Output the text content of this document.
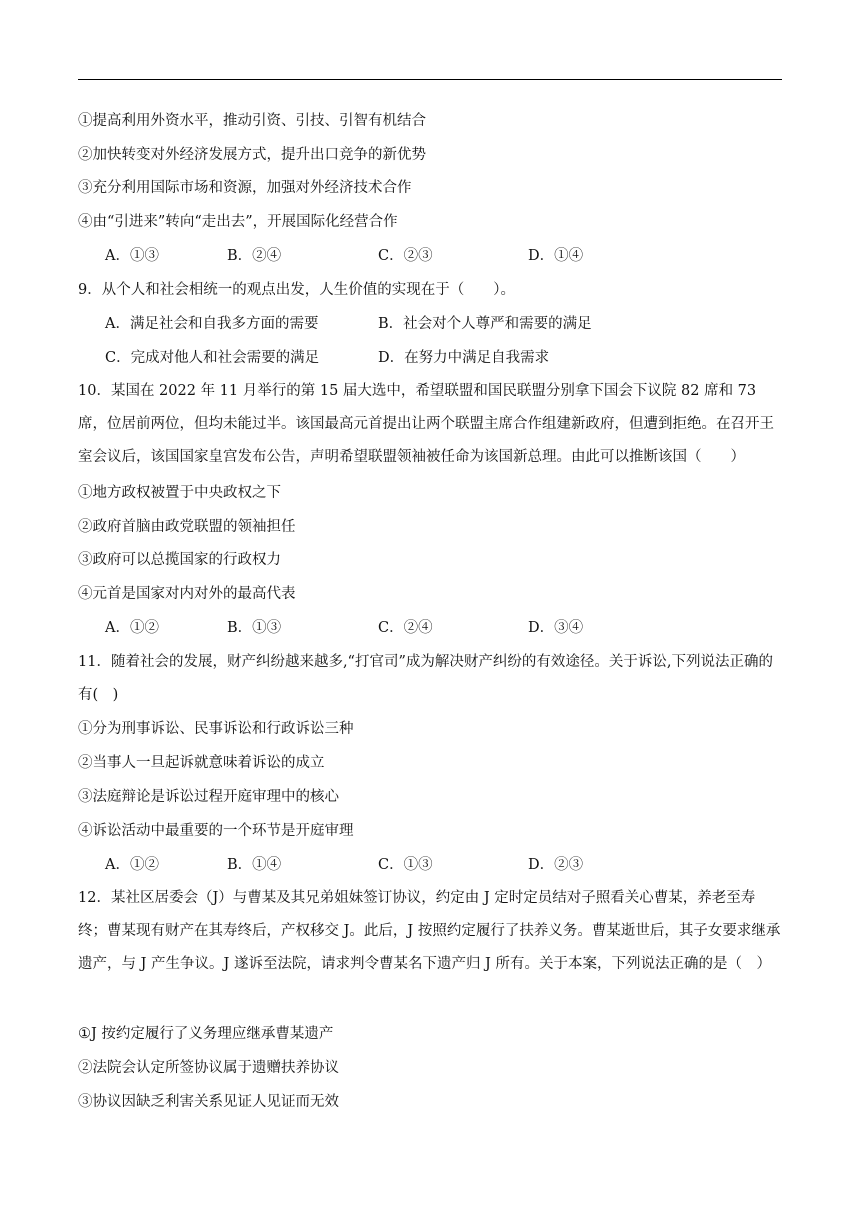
①提高利用外资水平，推动引资、引技、引智有机结合
②加快转变对外经济发展方式，提升出口竞争的新优势
③充分利用国际市场和资源，加强对外经济技术合作
④由“引进来”转向“走出去”，开展国际化经营合作
A．①③	B．②④	C．②③	D．①④
9．从个人和社会相统一的观点出发，人生价值的实现在于（　　）。
A．满足社会和自我多方面的需要	B．社会对个人尊严和需要的满足
C．完成对他人和社会需要的满足	D．在努力中满足自我需求
10．某国在 2022 年 11 月举行的第 15 届大选中，希望联盟和国民联盟分别拿下国会下议院 82 席和 73 席，位居前两位，但均未能过半。该国最高元首提出让两个联盟主席合作组建新政府，但遭到拒绝。在召开王室会议后，该国国家皇宫发布公告，声明希望联盟领袖被任命为该国新总理。由此可以推断该国（　　）
①地方政权被置于中央政权之下
②政府首脑由政党联盟的领袖担任
③政府可以总揽国家的行政权力
④元首是国家对内对外的最高代表
A．①②	B．①③	C．②④	D．③④
11．随着社会的发展，财产纠纷越来越多,“打官司”成为解决财产纠纷的有效途径。关于诉讼,下列说法正确的有(　)
①分为刑事诉讼、民事诉讼和行政诉讼三种
②当事人一旦起诉就意味着诉讼的成立
③法庭辩论是诉讼过程开庭审理中的核心
④诉讼活动中最重要的一个环节是开庭审理
A．①②	B．①④	C．①③	D．②③
12．某社区居委会（J）与曹某及其兄弟姐妹签订协议，约定由 J 定时定员结对子照看关心曹某，养老至寿终；曹某现有财产在其寿终后，产权移交 J。此后，J 按照约定履行了扶养义务。曹某逝世后，其子女要求继承遗产，与 J 产生争议。J 遂诉至法院，请求判令曹某名下遗产归 J 所有。关于本案，下列说法正确的是（　）
①J 按约定履行了义务理应继承曹某遗产
②法院会认定所签协议属于遗赠扶养协议
③协议因缺乏利害关系见证人见证而无效
